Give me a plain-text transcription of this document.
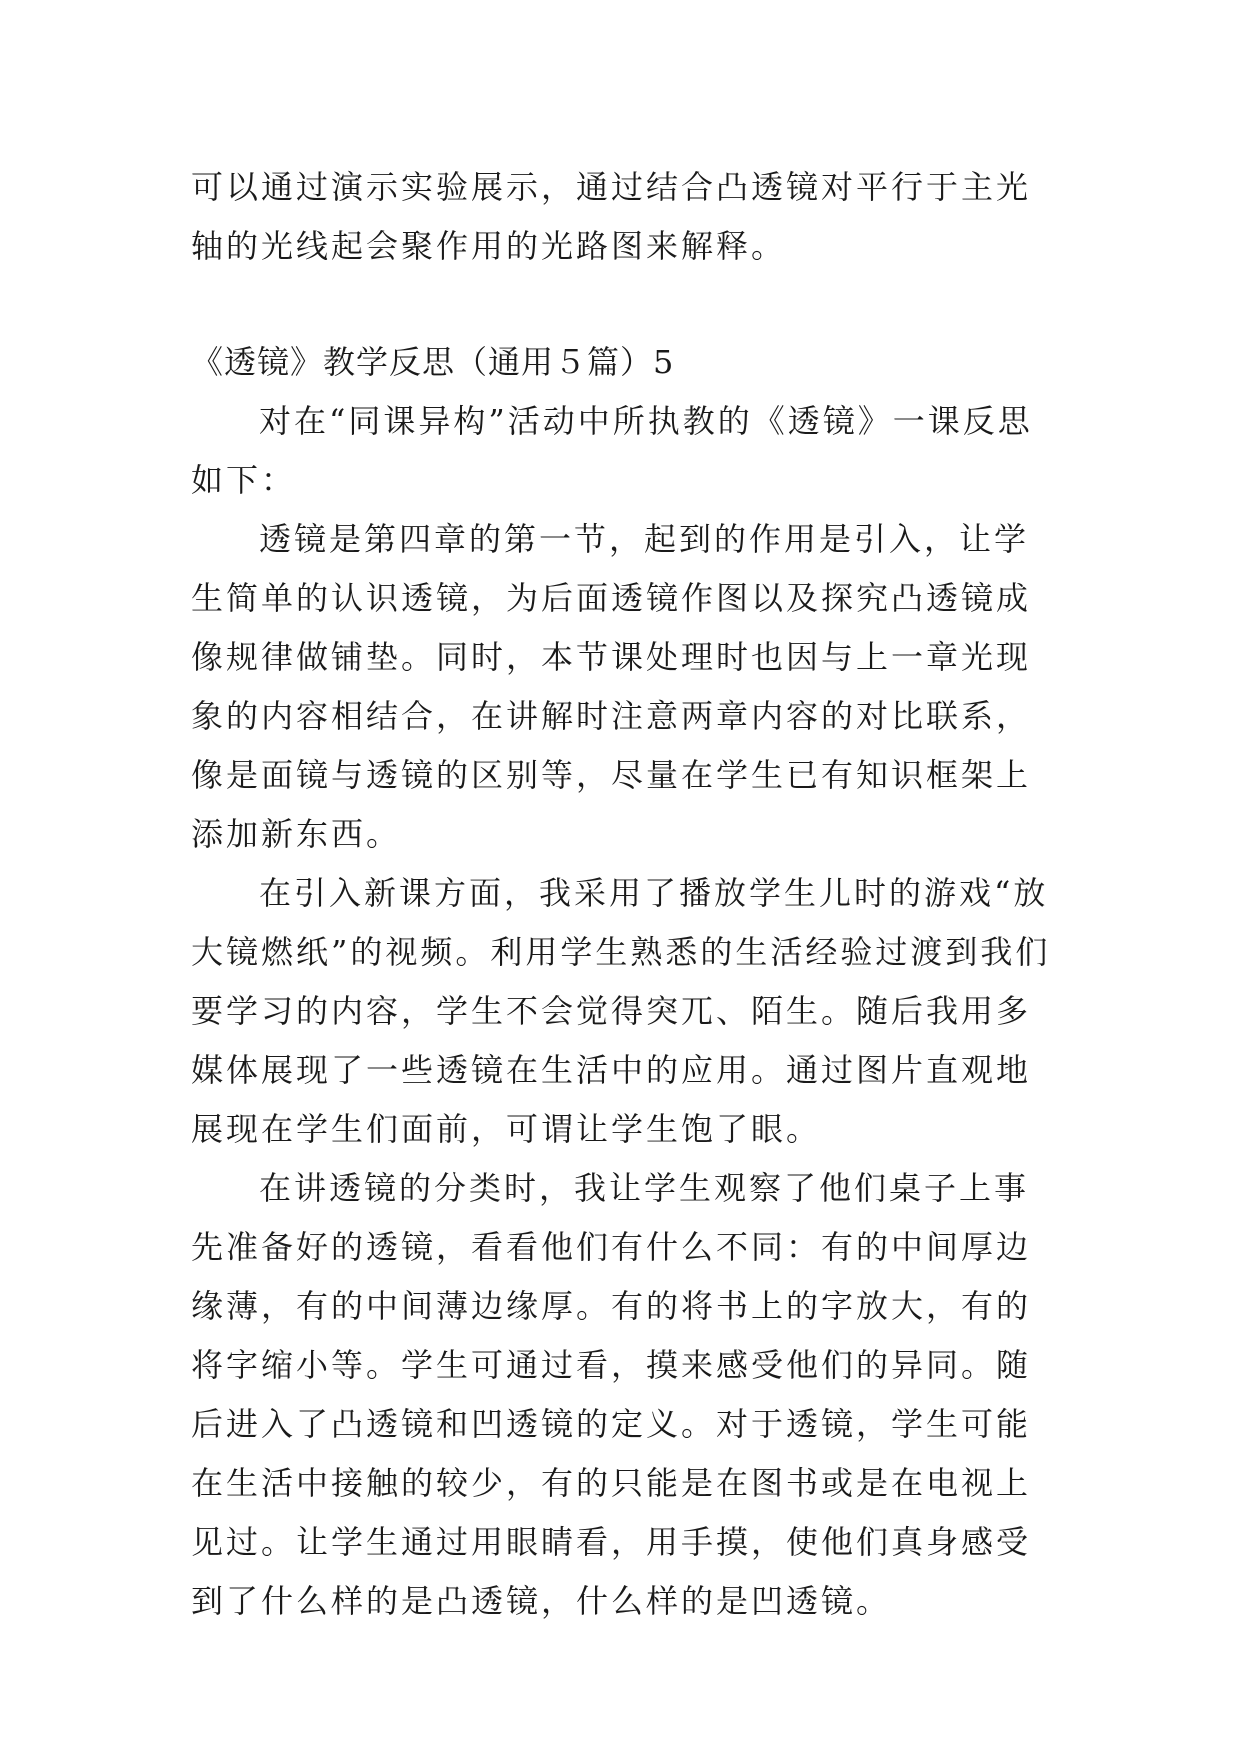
可以通过演示实验展示，通过结合凸透镜对平行于主光轴的光线起会聚作用的光路图来解释。

《透镜》教学反思（通用５篇）5

对在“同课异构”活动中所执教的《透镜》一课反思如下：

透镜是第四章的第一节，起到的作用是引入，让学生简单的认识透镜，为后面透镜作图以及探究凸透镜成像规律做铺垫。同时，本节课处理时也因与上一章光现象的内容相结合，在讲解时注意两章内容的对比联系，像是面镜与透镜的区别等，尽量在学生已有知识框架上添加新东西。

在引入新课方面，我采用了播放学生儿时的游戏“放大镜燃纸”的视频。利用学生熟悉的生活经验过渡到我们要学习的内容，学生不会觉得突兀、陌生。随后我用多媒体展现了一些透镜在生活中的应用。通过图片直观地展现在学生们面前，可谓让学生饱了眼。

在讲透镜的分类时，我让学生观察了他们桌子上事先准备好的透镜，看看他们有什么不同：有的中间厚边缘薄，有的中间薄边缘厚。有的将书上的字放大，有的将字缩小等。学生可通过看，摸来感受他们的异同。随后进入了凸透镜和凹透镜的定义。对于透镜，学生可能在生活中接触的较少，有的只能是在图书或是在电视上见过。让学生通过用眼睛看，用手摸，使他们真身感受到了什么样的是凸透镜，什么样的是凹透镜。
